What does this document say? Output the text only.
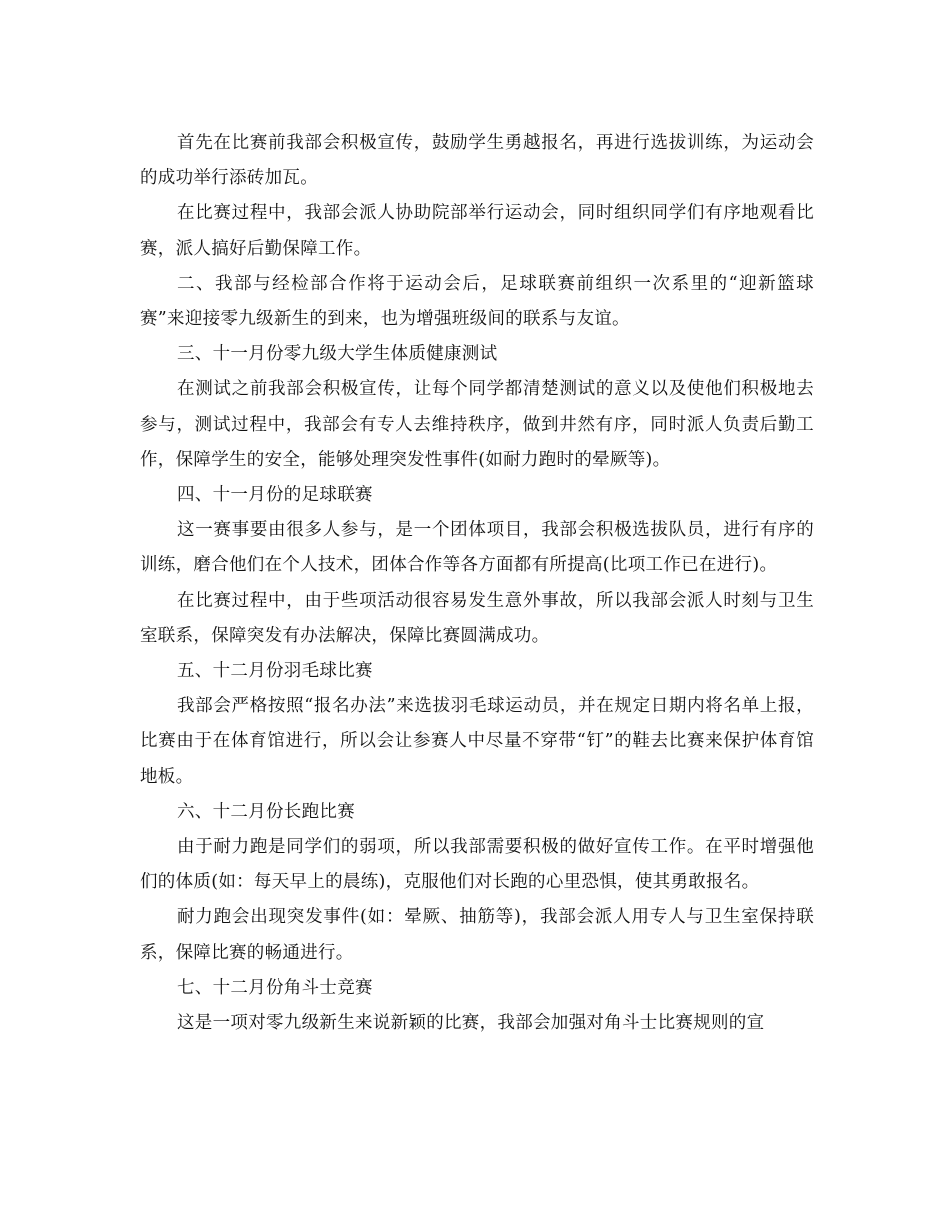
首先在比赛前我部会积极宣传，鼓励学生勇越报名，再进行选拔训练，为运动会的成功举行添砖加瓦。

在比赛过程中，我部会派人协助院部举行运动会，同时组织同学们有序地观看比赛，派人搞好后勤保障工作。

二、我部与经检部合作将于运动会后，足球联赛前组织一次系里的“迎新篮球赛”来迎接零九级新生的到来，也为增强班级间的联系与友谊。

三、十一月份零九级大学生体质健康测试

在测试之前我部会积极宣传，让每个同学都清楚测试的意义以及使他们积极地去参与，测试过程中，我部会有专人去维持秩序，做到井然有序，同时派人负责后勤工作，保障学生的安全，能够处理突发性事件(如耐力跑时的晕厥等)。

四、十一月份的足球联赛

这一赛事要由很多人参与，是一个团体项目，我部会积极选拔队员，进行有序的训练，磨合他们在个人技术，团体合作等各方面都有所提高(比项工作已在进行)。

在比赛过程中，由于些项活动很容易发生意外事故，所以我部会派人时刻与卫生室联系，保障突发有办法解决，保障比赛圆满成功。

五、十二月份羽毛球比赛

我部会严格按照“报名办法”来选拔羽毛球运动员，并在规定日期内将名单上报，比赛由于在体育馆进行，所以会让参赛人中尽量不穿带“钉”的鞋去比赛来保护体育馆地板。

六、十二月份长跑比赛

由于耐力跑是同学们的弱项，所以我部需要积极的做好宣传工作。在平时增强他们的体质(如：每天早上的晨练)，克服他们对长跑的心里恐惧，使其勇敢报名。

耐力跑会出现突发事件(如：晕厥、抽筋等)，我部会派人用专人与卫生室保持联系，保障比赛的畅通进行。

七、十二月份角斗士竞赛

这是一项对零九级新生来说新颖的比赛，我部会加强对角斗士比赛规则的宣
